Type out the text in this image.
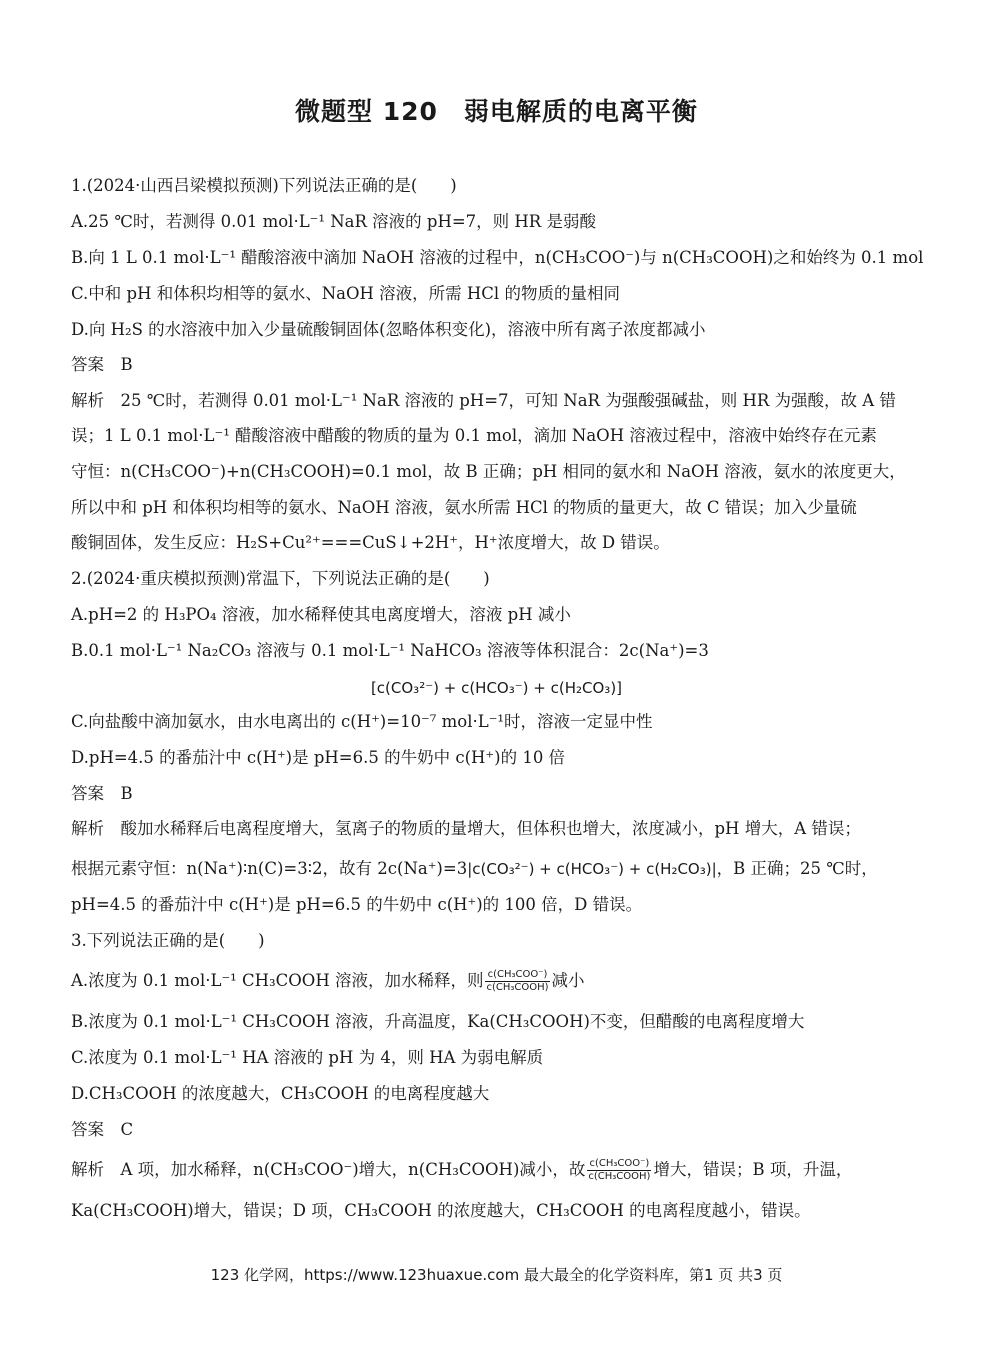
微题型 120　弱电解质的电离平衡
1.(2024·山西吕梁模拟预测)下列说法正确的是(　　)
A.25 ℃时，若测得 0.01 mol·L⁻¹ NaR 溶液的 pH=7，则 HR 是弱酸
B.向 1 L 0.1 mol·L⁻¹ 醋酸溶液中滴加 NaOH 溶液的过程中，n(CH₃COO⁻)与 n(CH₃COOH)之和始终为 0.1 mol
C.中和 pH 和体积均相等的氨水、NaOH 溶液，所需 HCl 的物质的量相同
D.向 H₂S 的水溶液中加入少量硫酸铜固体(忽略体积变化)，溶液中所有离子浓度都减小
答案　B
解析　25 ℃时，若测得 0.01 mol·L⁻¹ NaR 溶液的 pH=7，可知 NaR 为强酸强碱盐，则 HR 为强酸，故 A 错
误；1 L 0.1 mol·L⁻¹ 醋酸溶液中醋酸的物质的量为 0.1 mol，滴加 NaOH 溶液过程中，溶液中始终存在元素
守恒：n(CH₃COO⁻)+n(CH₃COOH)=0.1 mol，故 B 正确；pH 相同的氨水和 NaOH 溶液，氨水的浓度更大，
所以中和 pH 和体积均相等的氨水、NaOH 溶液，氨水所需 HCl 的物质的量更大，故 C 错误；加入少量硫
酸铜固体，发生反应：H₂S+Cu²⁺===CuS↓+2H⁺，H⁺浓度增大，故 D 错误。
2.(2024·重庆模拟预测)常温下，下列说法正确的是(　　)
A.pH=2 的 H₃PO₄ 溶液，加水稀释使其电离度增大，溶液 pH 减小
B.0.1 mol·L⁻¹ Na₂CO₃ 溶液与 0.1 mol·L⁻¹ NaHCO₃ 溶液等体积混合：2c(Na⁺)=3
[c(CO₃²⁻) + c(HCO₃⁻) + c(H₂CO₃)]
C.向盐酸中滴加氨水，由水电离出的 c(H⁺)=10⁻⁷ mol·L⁻¹时，溶液一定显中性
D.pH=4.5 的番茄汁中 c(H⁺)是 pH=6.5 的牛奶中 c(H⁺)的 10 倍
答案　B
解析　酸加水稀释后电离程度增大，氢离子的物质的量增大，但体积也增大，浓度减小，pH 增大，A 错误；
根据元素守恒：n(Na⁺)∶n(C)=3∶2，故有 2c(Na⁺)=3|c(CO₃²⁻) + c(HCO₃⁻) + c(H₂CO₃)|，B 正确；25 ℃时，
pH=4.5 的番茄汁中 c(H⁺)是 pH=6.5 的牛奶中 c(H⁺)的 100 倍，D 错误。
3.下列说法正确的是(　　)
A.浓度为 0.1 mol·L⁻¹ CH₃COOH 溶液，加水稀释，则 $\frac{\text{c(CH₃COO⁻)}}{\text{c(CH₃COOH)}}$ 减小
B.浓度为 0.1 mol·L⁻¹ CH₃COOH 溶液，升高温度，Ka(CH₃COOH)不变，但醋酸的电离程度增大
C.浓度为 0.1 mol·L⁻¹ HA 溶液的 pH 为 4，则 HA 为弱电解质
D.CH₃COOH 的浓度越大，CH₃COOH 的电离程度越大
答案　C
解析　A 项，加水稀释，n(CH₃COO⁻)增大，n(CH₃COOH)减小，故 $\frac{\text{c(CH₃COO⁻)}}{\text{c(CH₃COOH)}}$ 增大，错误；B 项，升温，
Ka(CH₃COOH)增大，错误；D 项，CH₃COOH 的浓度越大，CH₃COOH 的电离程度越小，错误。
123 化学网，https://www.123huaxue.com 最大最全的化学资料库，第1 页 共3 页
